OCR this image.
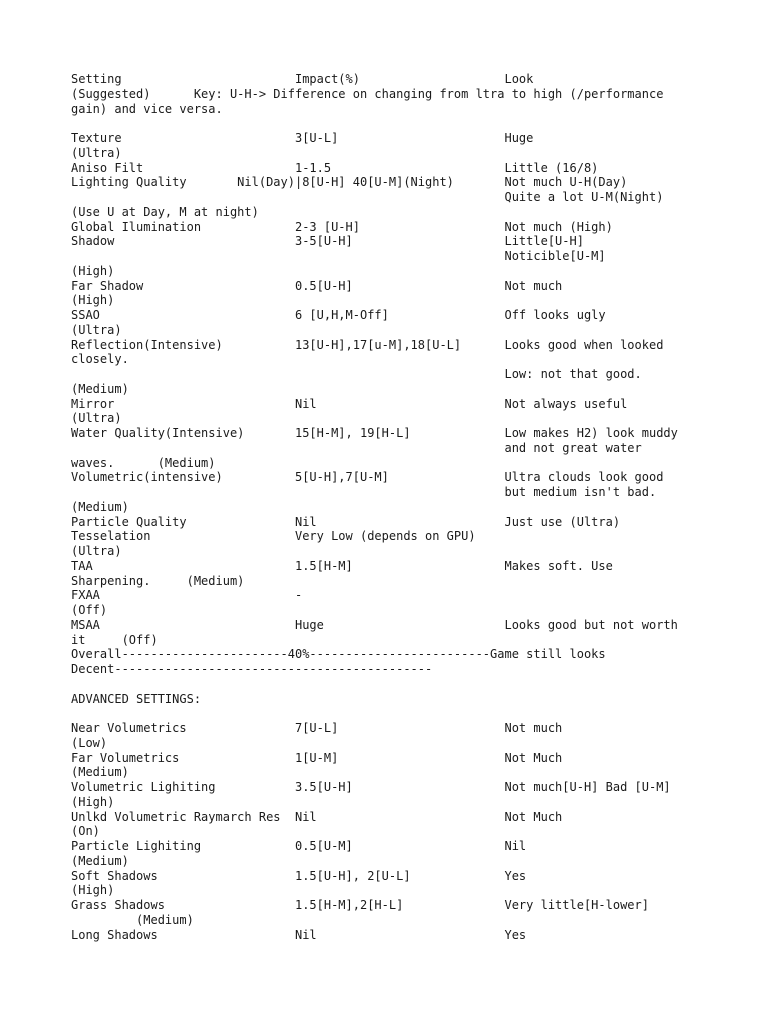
Setting                        Impact(%)                    Look
(Suggested)      Key: U-H-> Difference on changing from ltra to high (/performance
gain) and vice versa.
Texture                        3[U-L]                       Huge
(Ultra)
Aniso Filt                     1-1.5                        Little (16/8)
Lighting Quality       Nil(Day)|8[U-H] 40[U-M](Night)       Not much U-H(Day)
Quite a lot U-M(Night)
(Use U at Day, M at night)
Global Ilumination             2-3 [U-H]                    Not much (High)
Shadow                         3-5[U-H]                     Little[U-H]
Noticible[U-M]
(High)
Far Shadow                     0.5[U-H]                     Not much
(High)
SSAO                           6 [U,H,M-Off]                Off looks ugly
(Ultra)
Reflection(Intensive)          13[U-H],17[u-M],18[U-L]      Looks good when looked
closely.
Low: not that good.
(Medium)
Mirror                         Nil                          Not always useful
(Ultra)
Water Quality(Intensive)       15[H-M], 19[H-L]             Low makes H2) look muddy
and not great water
waves.      (Medium)
Volumetric(intensive)          5[U-H],7[U-M]                Ultra clouds look good
but medium isn't bad.
(Medium)
Particle Quality               Nil                          Just use (Ultra)
Tesselation                    Very Low (depends on GPU)
(Ultra)
TAA                            1.5[H-M]                     Makes soft. Use
Sharpening.     (Medium)
FXAA                           -
(Off)
MSAA                           Huge                         Looks good but not worth
it     (Off)
Overall-----------------------40%-------------------------Game still looks
Decent--------------------------------------------
ADVANCED SETTINGS:
Near Volumetrics               7[U-L]                       Not much
(Low)
Far Volumetrics                1[U-M]                       Not Much
(Medium)
Volumetric Lighiting           3.5[U-H]                     Not much[U-H] Bad [U-M]
(High)
Unlkd Volumetric Raymarch Res  Nil                          Not Much
(On)
Particle Lighiting             0.5[U-M]                     Nil
(Medium)
Soft Shadows                   1.5[U-H], 2[U-L]             Yes
(High)
Grass Shadows                  1.5[H-M],2[H-L]              Very little[H-lower]
(Medium)
Long Shadows                   Nil                          Yes
